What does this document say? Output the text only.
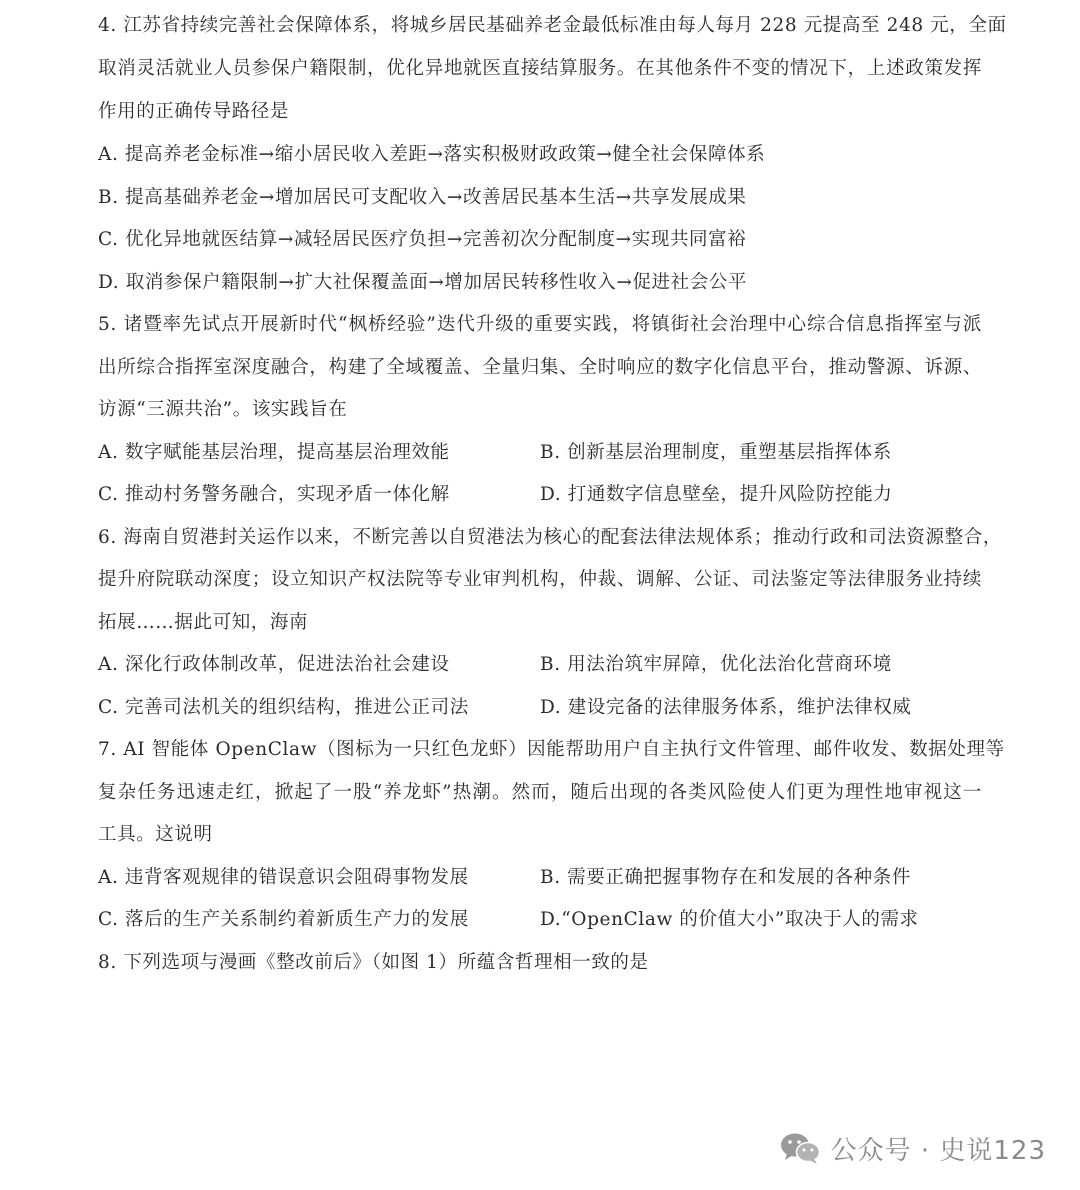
4. 江苏省持续完善社会保障体系，将城乡居民基础养老金最低标准由每人每月 228 元提高至 248 元，全面
取消灵活就业人员参保户籍限制，优化异地就医直接结算服务。在其他条件不变的情况下，上述政策发挥
作用的正确传导路径是
A. 提高养老金标准→缩小居民收入差距→落实积极财政政策→健全社会保障体系
B. 提高基础养老金→增加居民可支配收入→改善居民基本生活→共享发展成果
C. 优化异地就医结算→减轻居民医疗负担→完善初次分配制度→实现共同富裕
D. 取消参保户籍限制→扩大社保覆盖面→增加居民转移性收入→促进社会公平
5. 诸暨率先试点开展新时代“枫桥经验”迭代升级的重要实践，将镇街社会治理中心综合信息指挥室与派
出所综合指挥室深度融合，构建了全域覆盖、全量归集、全时响应的数字化信息平台，推动警源、诉源、
访源“三源共治”。该实践旨在
A. 数字赋能基层治理，提高基层治理效能	B. 创新基层治理制度，重塑基层指挥体系
C. 推动村务警务融合，实现矛盾一体化解	D. 打通数字信息壁垒，提升风险防控能力
6. 海南自贸港封关运作以来，不断完善以自贸港法为核心的配套法律法规体系；推动行政和司法资源整合，
提升府院联动深度；设立知识产权法院等专业审判机构，仲裁、调解、公证、司法鉴定等法律服务业持续
拓展……据此可知，海南
A. 深化行政体制改革，促进法治社会建设	B. 用法治筑牢屏障，优化法治化营商环境
C. 完善司法机关的组织结构，推进公正司法	D. 建设完备的法律服务体系，维护法律权威
7. AI 智能体 OpenClaw（图标为一只红色龙虾）因能帮助用户自主执行文件管理、邮件收发、数据处理等
复杂任务迅速走红，掀起了一股“养龙虾”热潮。然而，随后出现的各类风险使人们更为理性地审视这一
工具。这说明
A. 违背客观规律的错误意识会阻碍事物发展	B. 需要正确把握事物存在和发展的各种条件
C. 落后的生产关系制约着新质生产力的发展	D.“OpenClaw 的价值大小”取决于人的需求
8. 下列选项与漫画《整改前后》（如图 1）所蕴含哲理相一致的是
公众号 · 史说123
